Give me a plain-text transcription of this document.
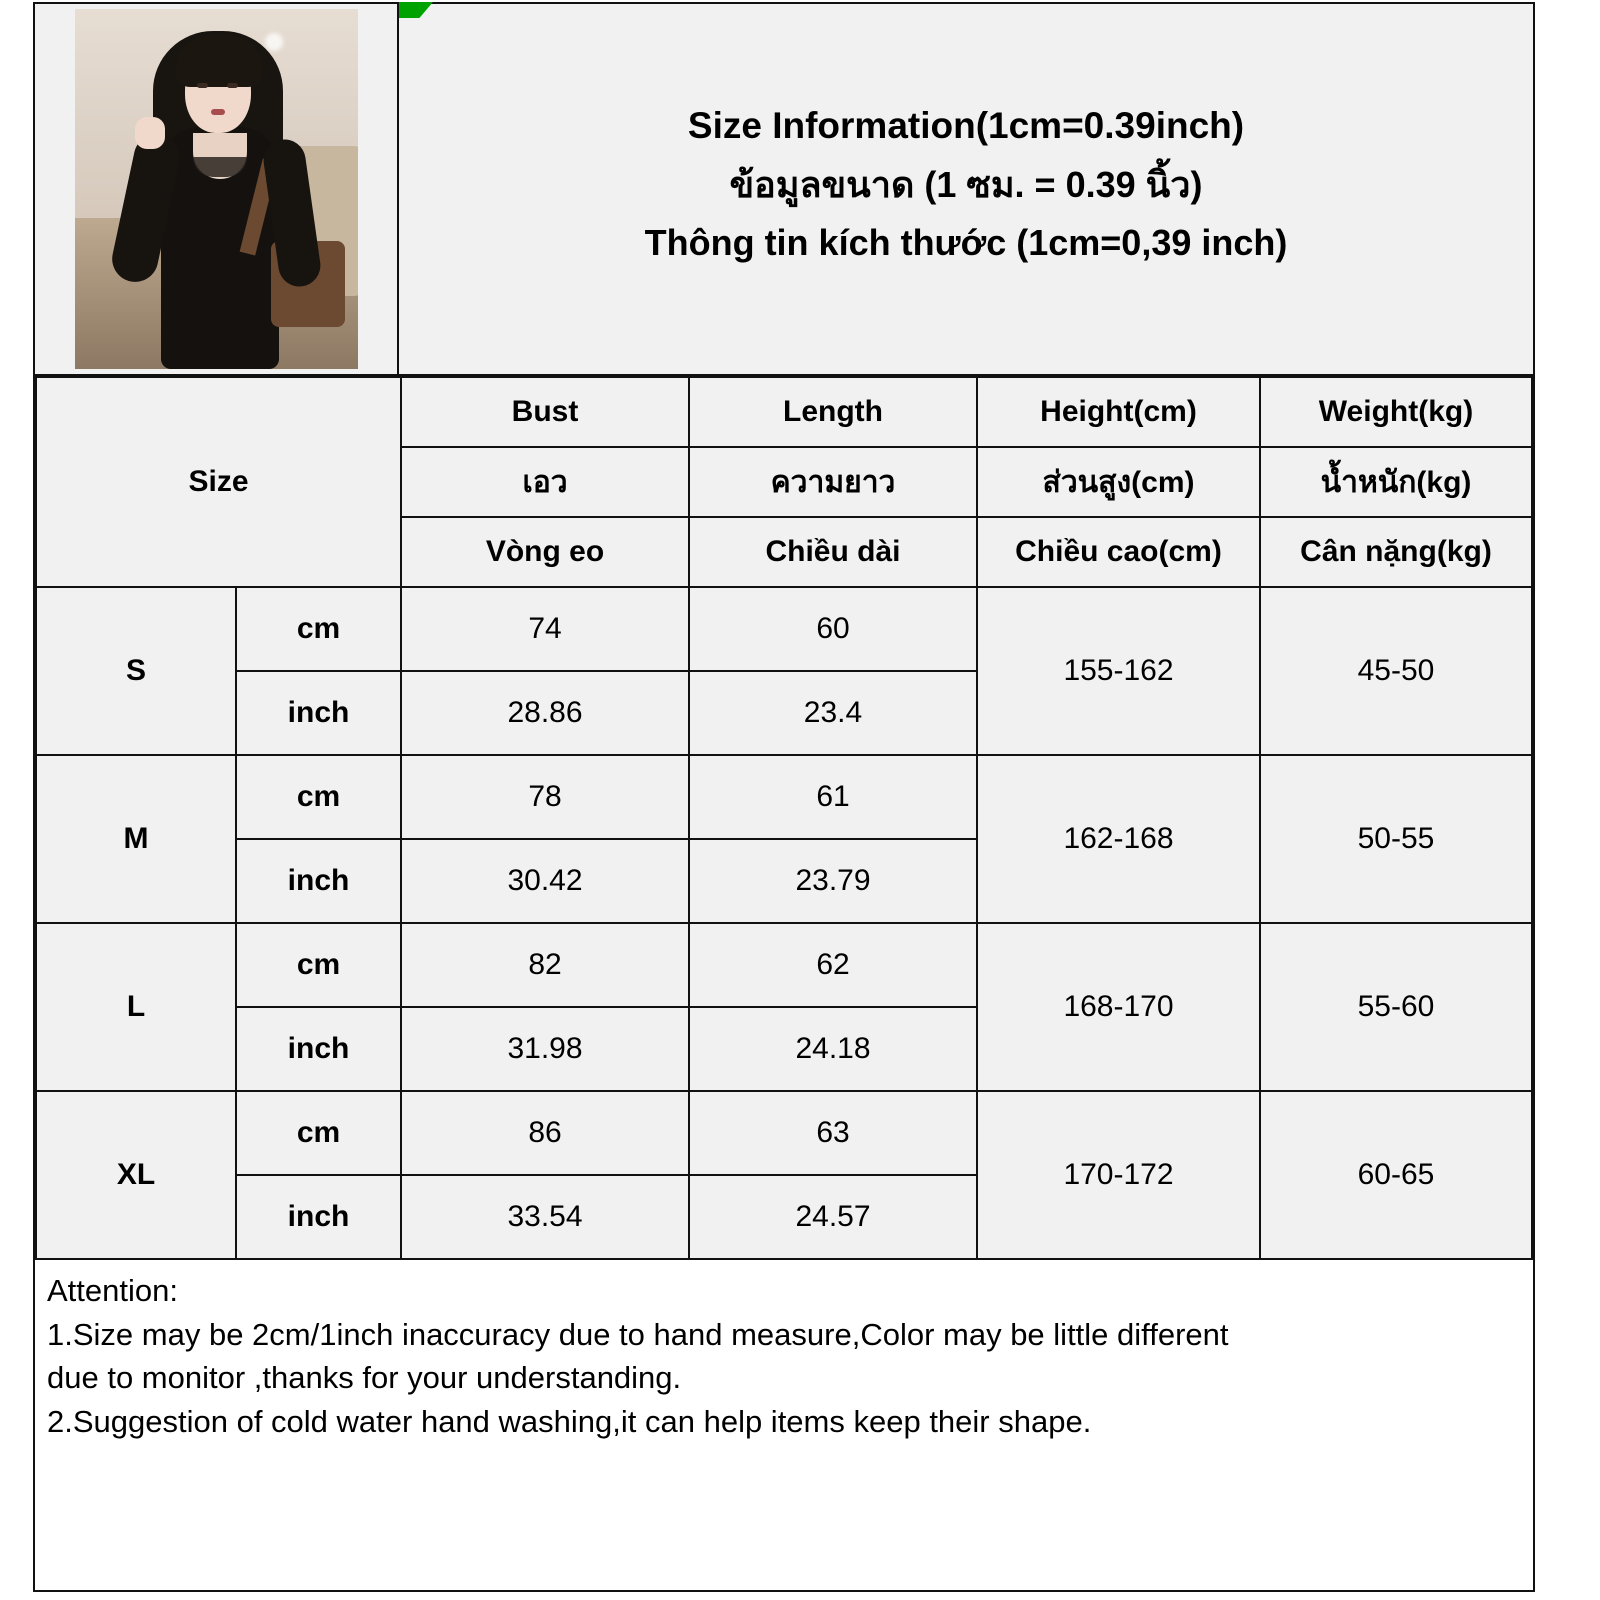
Size Information(1cm=0.39inch)
ข้อมูลขนาด (1 ซม. = 0.39 นิ้ว)
Thông tin kích thước (1cm=0,39 inch)
Size		Bust	Length	Height(cm)	Weight(kg)
		เอว	ความยาว	ส่วนสูง(cm)	น้ำหนัก(kg)
		Vòng eo	Chiều dài	Chiều cao(cm)	Cân nặng(kg)
S	cm	74	60	155-162	45-50
	inch	28.86	23.4		
M	cm	78	61	162-168	50-55
	inch	30.42	23.79		
L	cm	82	62	168-170	55-60
	inch	31.98	24.18		
XL	cm	86	63	170-172	60-65
	inch	33.54	24.57		

Attention:

1.Size may be 2cm/1inch inaccuracy due to hand measure,Color may be little different

due to monitor ,thanks for your understanding.

2.Suggestion of cold water hand washing,it can help items keep their shape.
